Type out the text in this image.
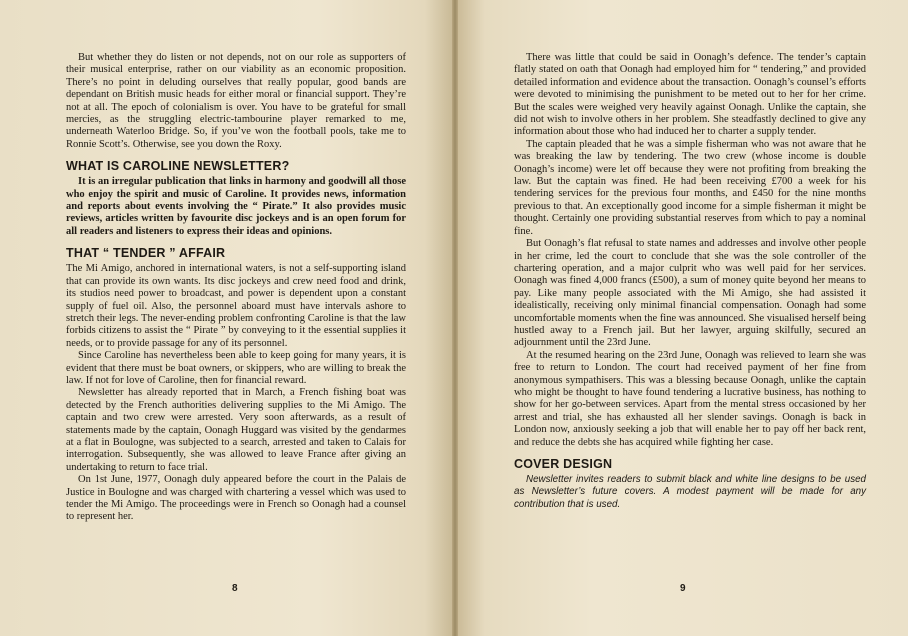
But whether they do listen or not depends, not on our role as supporters of their musical enterprise, rather on our viability as an economic proposition. There’s no point in deluding ourselves that really popular, good bands are dependant on British music heads for either moral or financial support. They’re not at all. The epoch of colonialism is over. You have to be grateful for small mercies, as the struggling electric-tambourine player remarked to me, underneath Waterloo Bridge. So, if you’ve won the football pools, take me to Ronnie Scott’s. Otherwise, see you down the Roxy.

WHAT IS CAROLINE NEWSLETTER?

It is an irregular publication that links in harmony and goodwill all those who enjoy the spirit and music of Caroline. It provides news, information and reports about events involving the “ Pirate.” It also provides music reviews, articles written by favourite disc jockeys and is an open forum for all readers and listeners to express their ideas and opinions.

THAT “ TENDER ” AFFAIR

The Mi Amigo, anchored in international waters, is not a self-supporting island that can provide its own wants. Its disc jockeys and crew need food and drink, its studios need power to broadcast, and power is dependent upon a constant supply of fuel oil. Also, the personnel aboard must have intervals ashore to stretch their legs. The never-ending problem confronting Caroline is that the law forbids citizens to assist the “ Pirate ” by conveying to it the essential supplies it needs, or to provide passage for any of its personnel.

Since Caroline has nevertheless been able to keep going for many years, it is evident that there must be boat owners, or skippers, who are willing to break the law. If not for love of Caroline, then for financial reward.

Newsletter has already reported that in March, a French fishing boat was detected by the French authorities delivering supplies to the Mi Amigo. The captain and two crew were arrested. Very soon afterwards, as a result of statements made by the captain, Oonagh Huggard was visited by the gendarmes at a flat in Boulogne, was subjected to a search, arrested and taken to Calais for interrogation. Subsequently, she was allowed to leave France after giving an undertaking to return to face trial.

On 1st June, 1977, Oonagh duly appeared before the court in the Palais de Justice in Boulogne and was charged with chartering a vessel which was used to tender the Mi Amigo. The proceedings were in French so Oonagh had a counsel to represent her.

8

There was little that could be said in Oonagh’s defence. The tender’s captain flatly stated on oath that Oonagh had employed him for “ tendering,” and provided detailed information and evidence about the transaction. Oonagh’s counsel’s efforts were devoted to minimising the punishment to be meted out to her for her crime. But the scales were weighed very heavily against Oonagh. Unlike the captain, she did not wish to involve others in her problem. She steadfastly declined to give any information about those who had induced her to charter a supply tender.

The captain pleaded that he was a simple fisherman who was not aware that he was breaking the law by tendering. The two crew (whose income is double Oonagh’s income) were let off because they were not profiting from breaking the law. But the captain was fined. He had been receiving £700 a week for his tendering services for the previous four months, and £450 for the nine months previous to that. An exceptionally good income for a simple fisherman it might be thought. Certainly one providing substantial reserves from which to pay a nominal fine.

But Oonagh’s flat refusal to state names and addresses and involve other people in her crime, led the court to conclude that she was the sole controller of the chartering operation, and a major culprit who was well paid for her services. Oonagh was fined 4,000 francs (£500), a sum of money quite beyond her means to pay. Like many people associated with the Mi Amigo, she had assisted it idealistically, receiving only minimal financial compensation. Oonagh had some uncomfortable moments when the fine was announced. She visualised herself being hustled away to a French jail. But her lawyer, arguing skilfully, secured an adjournment until the 23rd June.

At the resumed hearing on the 23rd June, Oonagh was relieved to learn she was free to return to London. The court had received payment of her fine from anonymous sympathisers. This was a blessing because Oonagh, unlike the captain who might be thought to have found tendering a lucrative business, has nothing to show for her go-between services. Apart from the mental stress occasioned by her arrest and trial, she has exhausted all her slender savings. Oonagh is back in London now, anxiously seeking a job that will enable her to pay off her back rent, and reduce the debts she has acquired while fighting her case.

COVER DESIGN

Newsletter invites readers to submit black and white line designs to be used as Newsletter’s future covers. A modest payment will be made for any contribution that is used.

9
